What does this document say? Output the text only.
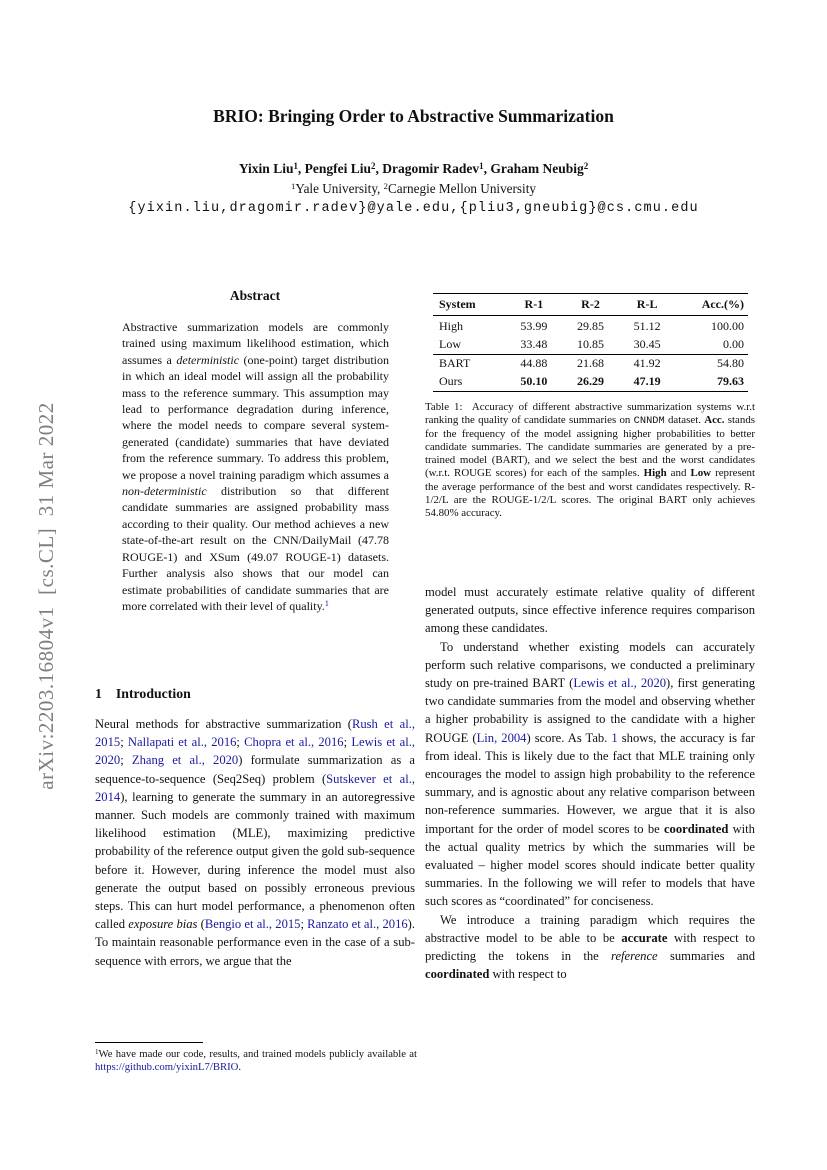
arXiv:2203.16804v1  [cs.CL]  31 Mar 2022
BRIO: Bringing Order to Abstractive Summarization
Yixin Liu$^1$, Pengfei Liu$^2$, Dragomir Radev$^1$, Graham Neubig$^2$
$^1$Yale University, $^2$Carnegie Mellon University
{yixin.liu,dragomir.radev}@yale.edu,{pliu3,gneubig}@cs.cmu.edu
Abstract

Abstractive summarization models are commonly trained using maximum likelihood estimation, which assumes a deterministic (one-point) target distribution in which an ideal model will assign all the probability mass to the reference summary. This assumption may lead to performance degradation during inference, where the model needs to compare several system-generated (candidate) summaries that have deviated from the reference summary. To address this problem, we propose a novel training paradigm which assumes a non-deterministic distribution so that different candidate summaries are assigned probability mass according to their quality. Our method achieves a new state-of-the-art result on the CNN/DailyMail (47.78 ROUGE-1) and XSum (49.07 ROUGE-1) datasets. Further analysis also shows that our model can estimate probabilities of candidate summaries that are more correlated with their level of quality.$^1$

1 Introduction

Neural methods for abstractive summarization (Rush et al., 2015; Nallapati et al., 2016; Chopra et al., 2016; Lewis et al., 2020; Zhang et al., 2020) formulate summarization as a sequence-to-sequence (Seq2Seq) problem (Sutskever et al., 2014), learning to generate the summary in an autoregressive manner. Such models are commonly trained with maximum likelihood estimation (MLE), maximizing predictive probability of the reference output given the gold sub-sequence before it. However, during inference the model must also generate the output based on possibly erroneous previous steps. This can hurt model performance, a phenomenon often called exposure bias (Bengio et al., 2015; Ranzato et al., 2016). To maintain reasonable performance even in the case of a sub-sequence with errors, we argue that the

$^1$We have made our code, results, and trained models publicly available at https://github.com/yixinL7/BRIO.

System	R-1	R-2	R-L	Acc.(%)
High	53.99	29.85	51.12	100.00
Low	33.48	10.85	30.45	0.00
BART	44.88	21.68	41.92	54.80
Ours	50.10	26.29	47.19	79.63

Table 1:  Accuracy of different abstractive summarization systems w.r.t ranking the quality of candidate summaries on CNNDM dataset. Acc. stands for the frequency of the model assigning higher probabilities to better candidate summaries. The candidate summaries are generated by a pre-trained model (BART), and we select the best and the worst candidates (w.r.t. ROUGE scores) for each of the samples. High and Low represent the average performance of the best and worst candidates respectively. R-1/2/L are the ROUGE-1/2/L scores. The original BART only achieves 54.80% accuracy.

model must accurately estimate relative quality of different generated outputs, since effective inference requires comparison among these candidates.

To understand whether existing models can accurately perform such relative comparisons, we conducted a preliminary study on pre-trained BART (Lewis et al., 2020), first generating two candidate summaries from the model and observing whether a higher probability is assigned to the candidate with a higher ROUGE (Lin, 2004) score. As Tab. 1 shows, the accuracy is far from ideal. This is likely due to the fact that MLE training only encourages the model to assign high probability to the reference summary, and is agnostic about any relative comparison between non-reference summaries. However, we argue that it is also important for the order of model scores to be coordinated with the actual quality metrics by which the summaries will be evaluated – higher model scores should indicate better quality summaries. In the following we will refer to models that have such scores as “coordinated” for conciseness.

We introduce a training paradigm which requires the abstractive model to be able to be accurate with respect to predicting the tokens in the reference summaries and coordinated with respect to
